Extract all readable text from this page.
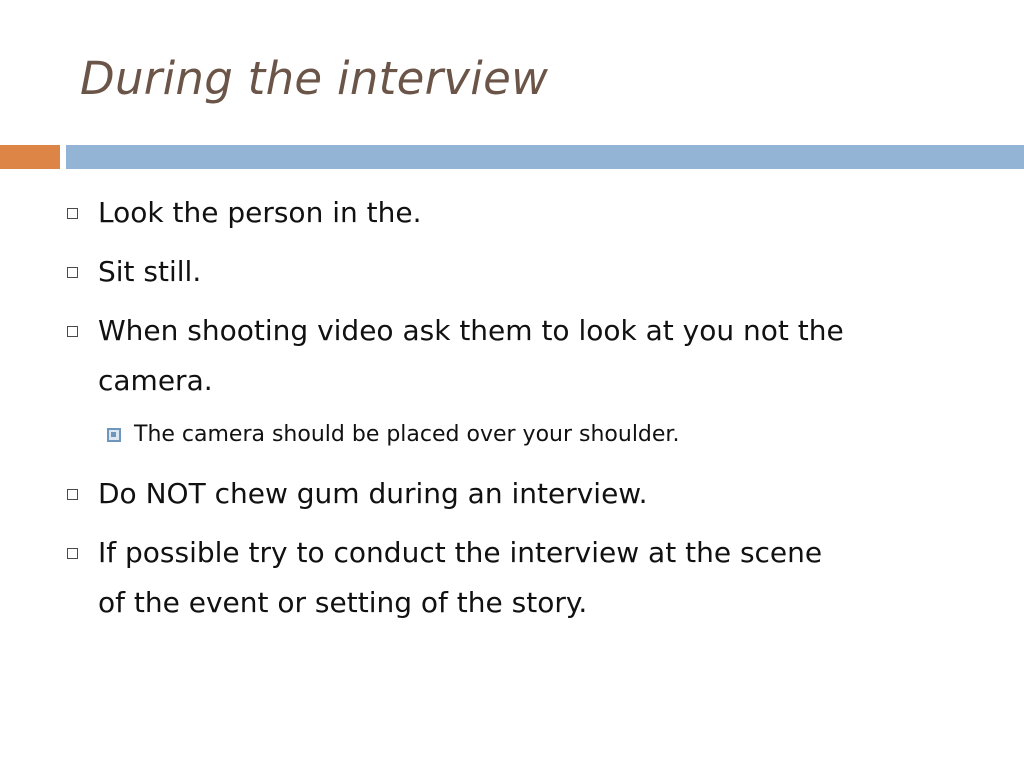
During the interview
Look the person in the.
Sit still.
When shooting video ask them to look at you not the
camera.
The camera should be placed over your shoulder.
Do NOT chew gum during an interview.
If possible try to conduct the interview at the scene
of the event or setting of the story.
